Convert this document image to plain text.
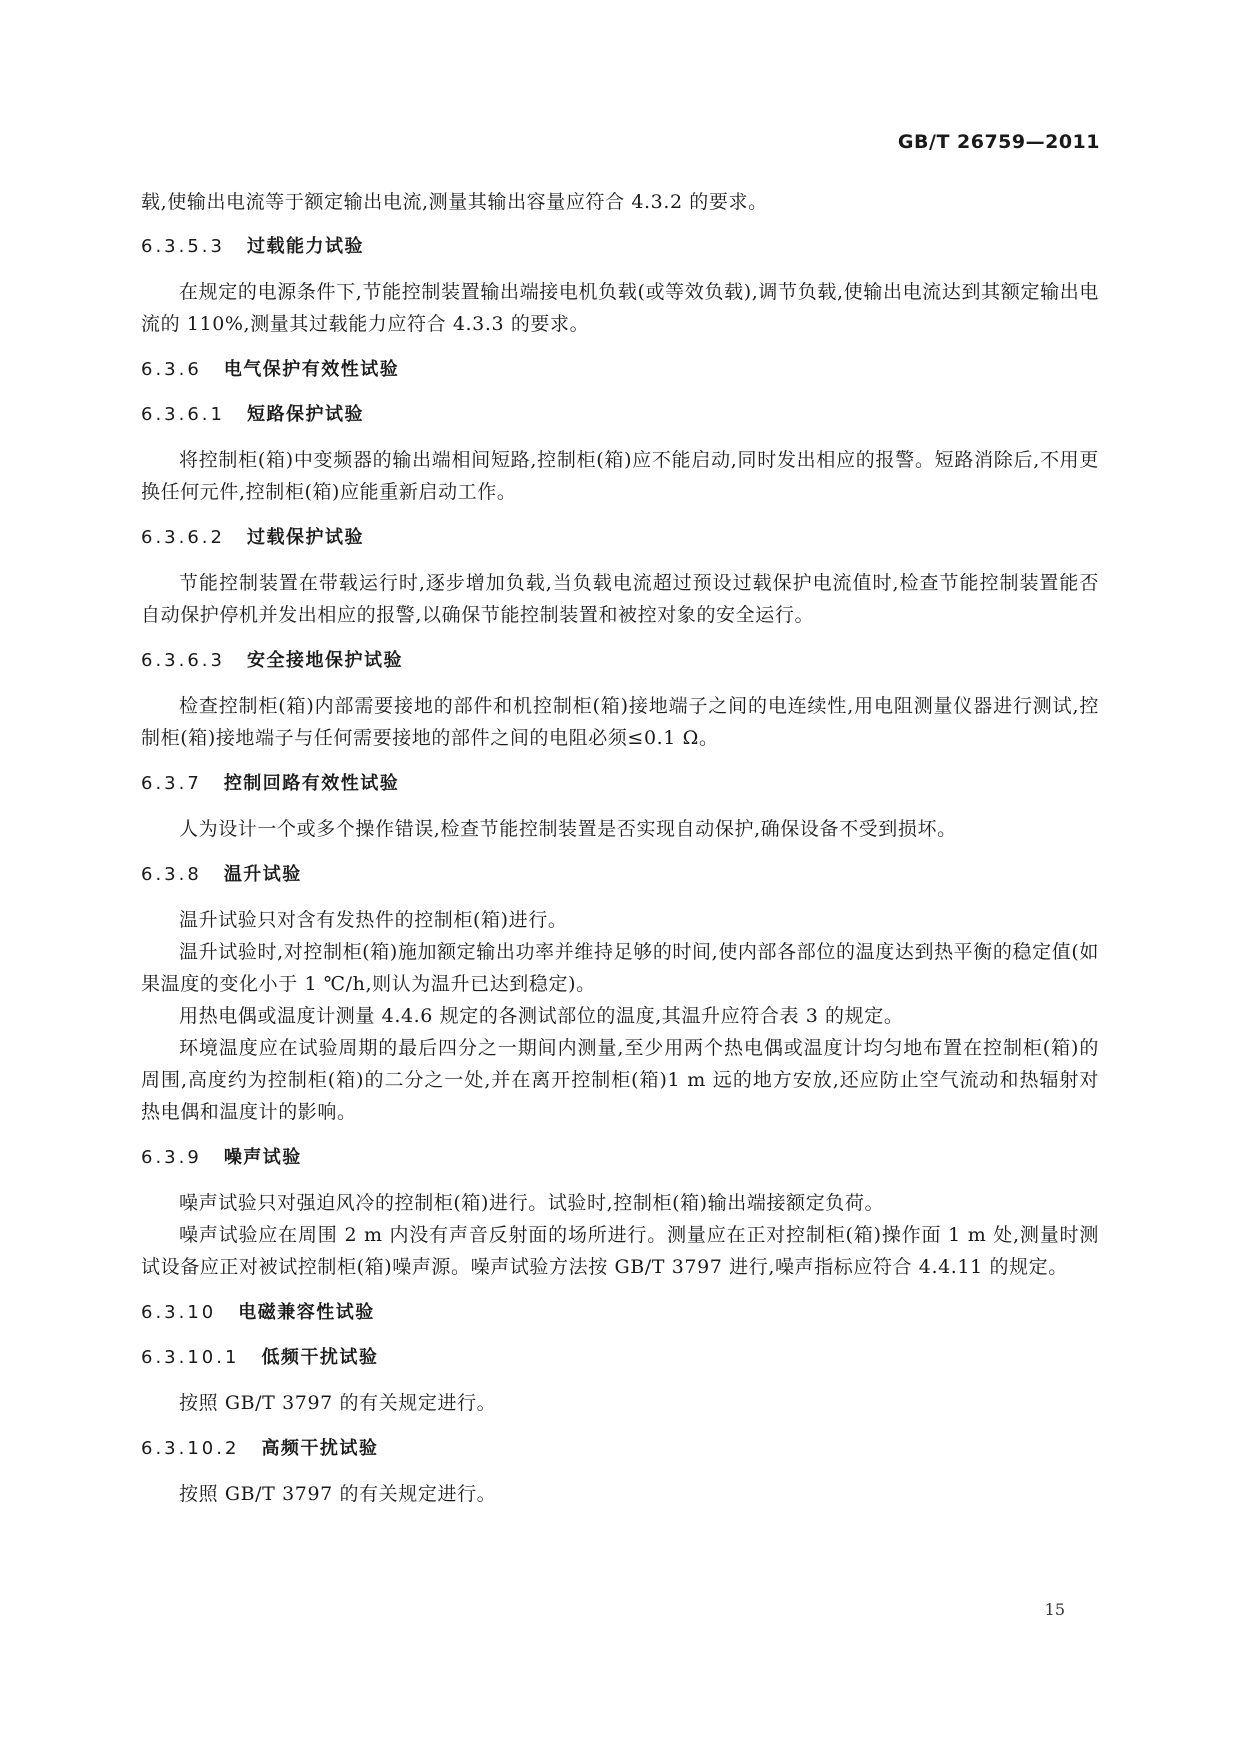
GB/T 26759—2011

载,使输出电流等于额定输出电流,测量其输出容量应符合 4.3.2 的要求。

6.3.5.3 过载能力试验

在规定的电源条件下,节能控制装置输出端接电机负载(或等效负载),调节负载,使输出电流达到其额定输出电流的 110%,测量其过载能力应符合 4.3.3 的要求。

6.3.6 电气保护有效性试验
6.3.6.1 短路保护试验

将控制柜(箱)中变频器的输出端相间短路,控制柜(箱)应不能启动,同时发出相应的报警。短路消除后,不用更换任何元件,控制柜(箱)应能重新启动工作。

6.3.6.2 过载保护试验

节能控制装置在带载运行时,逐步增加负载,当负载电流超过预设过载保护电流值时,检查节能控制装置能否自动保护停机并发出相应的报警,以确保节能控制装置和被控对象的安全运行。

6.3.6.3 安全接地保护试验

检查控制柜(箱)内部需要接地的部件和机控制柜(箱)接地端子之间的电连续性,用电阻测量仪器进行测试,控制柜(箱)接地端子与任何需要接地的部件之间的电阻必须≤0.1 Ω。

6.3.7 控制回路有效性试验

人为设计一个或多个操作错误,检查节能控制装置是否实现自动保护,确保设备不受到损坏。

6.3.8 温升试验

温升试验只对含有发热件的控制柜(箱)进行。

温升试验时,对控制柜(箱)施加额定输出功率并维持足够的时间,使内部各部位的温度达到热平衡的稳定值(如果温度的变化小于 1 ℃/h,则认为温升已达到稳定)。

用热电偶或温度计测量 4.4.6 规定的各测试部位的温度,其温升应符合表 3 的规定。

环境温度应在试验周期的最后四分之一期间内测量,至少用两个热电偶或温度计均匀地布置在控制柜(箱)的周围,高度约为控制柜(箱)的二分之一处,并在离开控制柜(箱)1 m 远的地方安放,还应防止空气流动和热辐射对热电偶和温度计的影响。

6.3.9 噪声试验

噪声试验只对强迫风冷的控制柜(箱)进行。试验时,控制柜(箱)输出端接额定负荷。

噪声试验应在周围 2 m 内没有声音反射面的场所进行。测量应在正对控制柜(箱)操作面 1 m 处,测量时测试设备应正对被试控制柜(箱)噪声源。噪声试验方法按 GB/T 3797 进行,噪声指标应符合 4.4.11 的规定。

6.3.10 电磁兼容性试验
6.3.10.1 低频干扰试验

按照 GB/T 3797 的有关规定进行。

6.3.10.2 高频干扰试验

按照 GB/T 3797 的有关规定进行。

15
